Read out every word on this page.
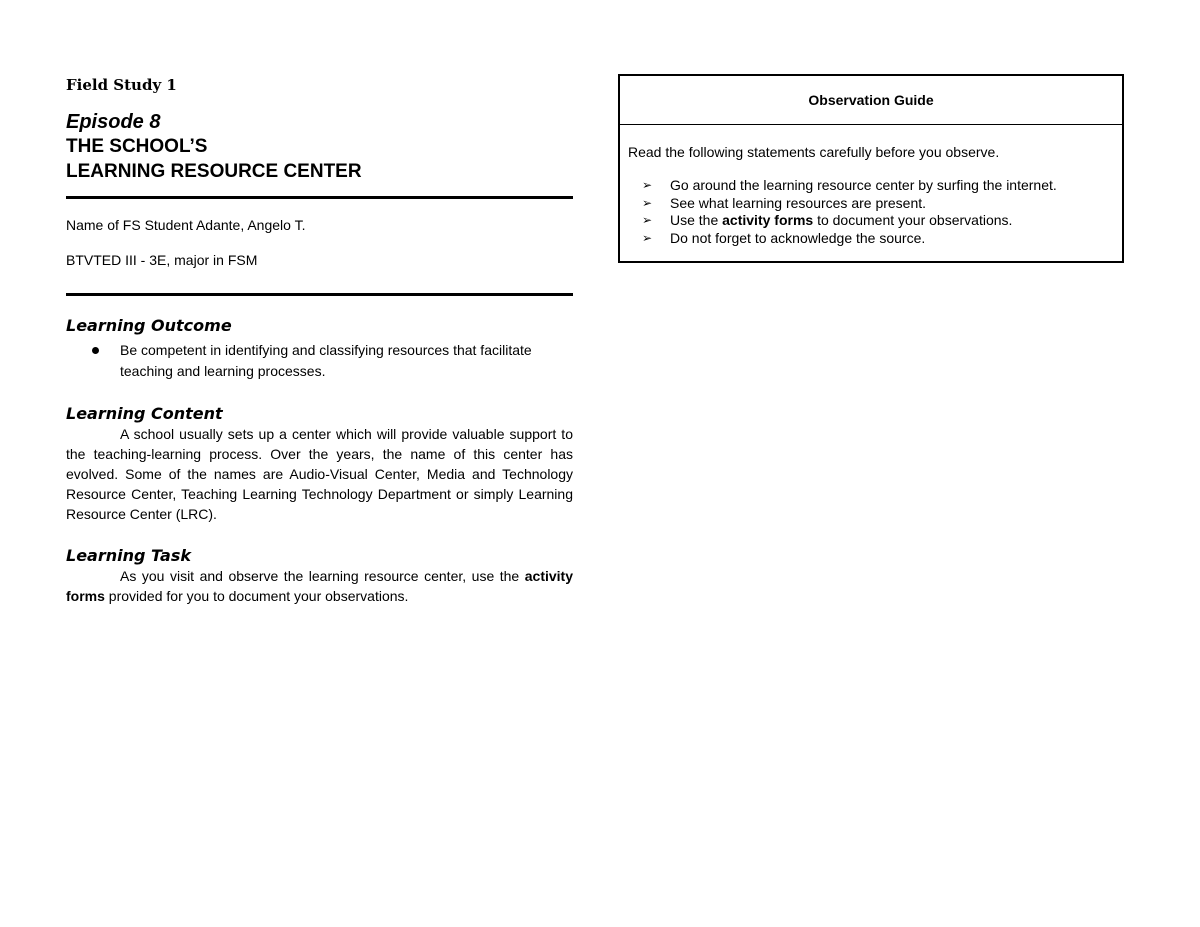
Field Study 1

Episode 8

THE SCHOOL’S

LEARNING RESOURCE CENTER

Name of FS Student Adante, Angelo T.

BTVTED III - 3E, major in FSM

Learning Outcome
Be competent in identifying and classifying resources that facilitate teaching and learning processes.
Learning Content

A school usually sets up a center which will provide valuable support to the teaching-learning process. Over the years, the name of this center has evolved. Some of the names are Audio-Visual Center, Media and Technology Resource Center, Teaching Learning Technology Department or simply Learning Resource Center (LRC).

Learning Task

As you visit and observe the learning resource center, use the activity forms provided for you to document your observations.

Observation Guide

Read the following statements carefully before you observe.

➢ Go around the learning resource center by surfing the internet.
➢ See what learning resources are present.
➢ Use the activity forms to document your observations.
➢ Do not forget to acknowledge the source.
